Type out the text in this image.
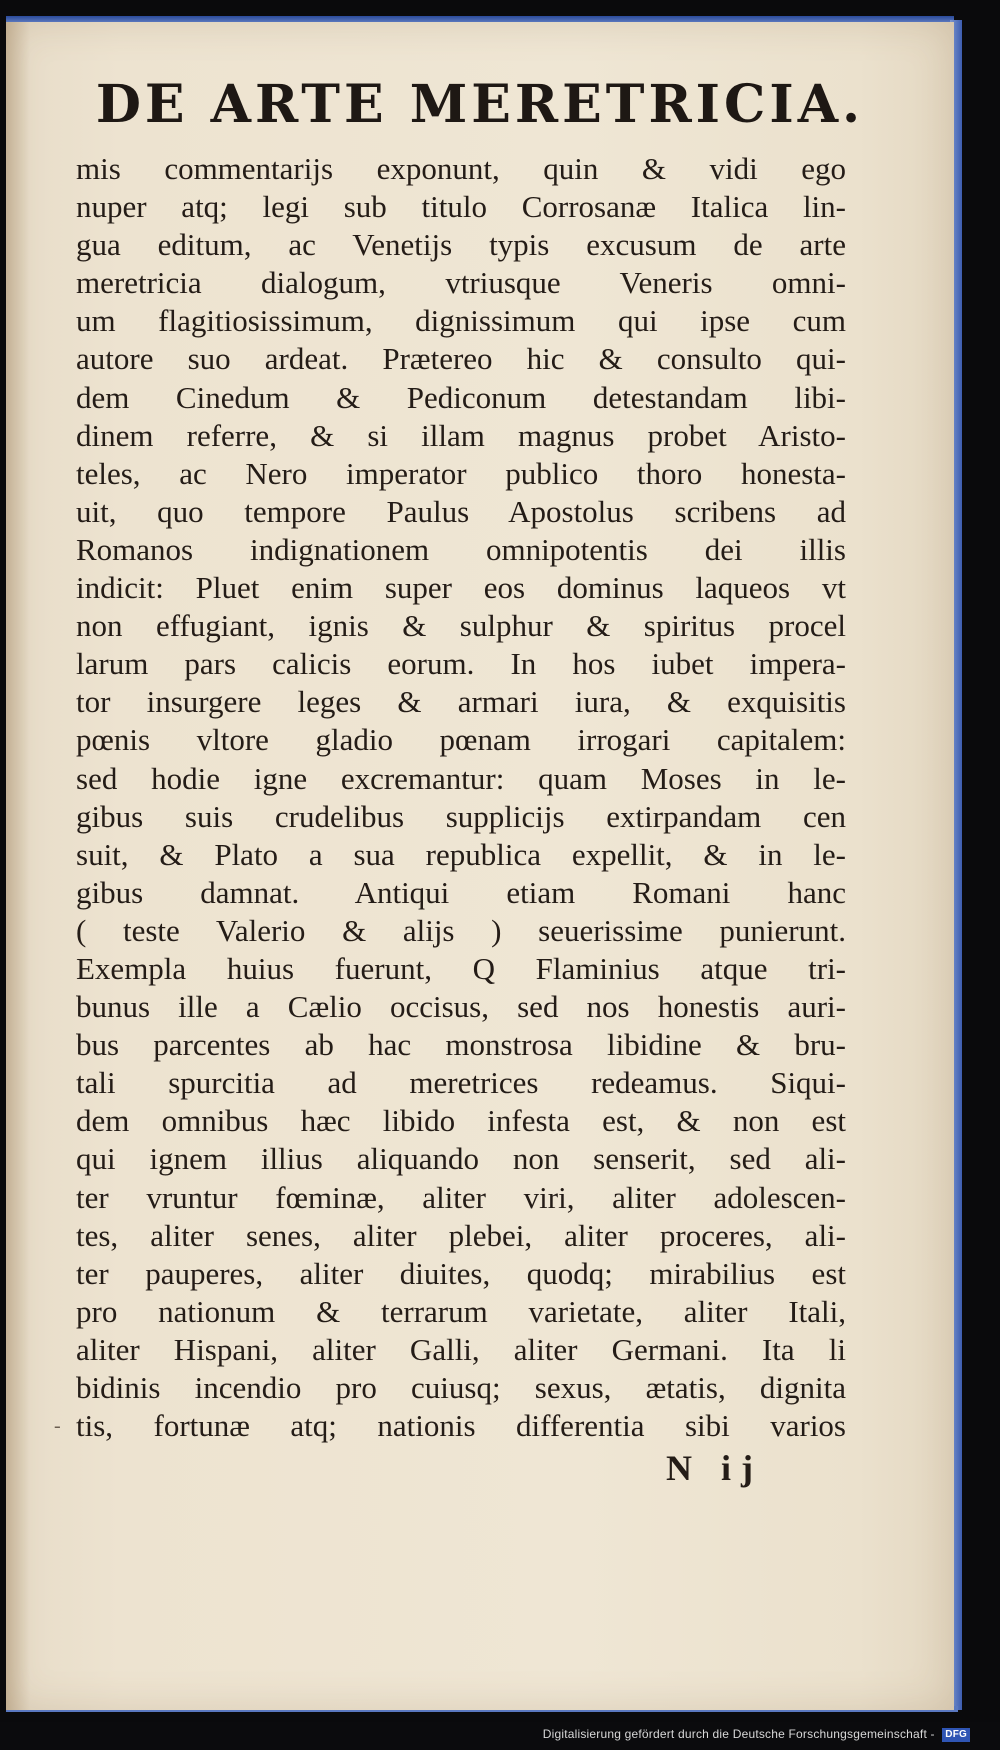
DE ARTE MERETRICIA.
mis commentarijs exponunt, quin & vidi ego
nuper atq; legi sub titulo Corrosanæ Italica lin-
gua editum, ac Venetijs typis excusum de arte
meretricia dialogum, vtriusque Veneris omni-
um flagitiosissimum, dignissimum qui ipse cum
autore suo ardeat. Prætereo hic & consulto qui-
dem Cinedum & Pediconum detestandam libi-
dinem referre, & si illam magnus probet Aristo-
teles, ac Nero imperator publico thoro honesta-
uit, quo tempore Paulus Apostolus scribens ad
Romanos indignationem omnipotentis dei illis
indicit: Pluet enim super eos dominus laqueos vt
non effugiant, ignis & sulphur & spiritus procel
larum pars calicis eorum. In hos iubet impera-
tor insurgere leges & armari iura, & exquisitis
pœnis vltore gladio pœnam irrogari capitalem:
sed hodie igne excremantur: quam Moses in le-
gibus suis crudelibus supplicijs extirpandam cen
suit, & Plato a sua republica expellit, & in le-
gibus damnat. Antiqui etiam Romani hanc
( teste Valerio & alijs ) seuerissime punierunt.
Exempla huius fuerunt, Q Flaminius atque tri-
bunus ille a Cælio occisus, sed nos honestis auri-
bus parcentes ab hac monstrosa libidine & bru-
tali spurcitia ad meretrices redeamus. Siqui-
dem omnibus hæc libido infesta est, & non est
qui ignem illius aliquando non senserit, sed ali-
ter vruntur fœminæ, aliter viri, aliter adolescen-
tes, aliter senes, aliter plebei, aliter proceres, ali-
ter pauperes, aliter diuites, quodq; mirabilius est
pro nationum & terrarum varietate, aliter Itali,
aliter Hispani, aliter Galli, aliter Germani. Ita li
bidinis incendio pro cuiusq; sexus, ætatis, dignita
tis, fortunæ atq; nationis differentia sibi varios
-
N ij
Digitalisierung gefördert durch die Deutsche Forschungsgemeinschaft - DFG
